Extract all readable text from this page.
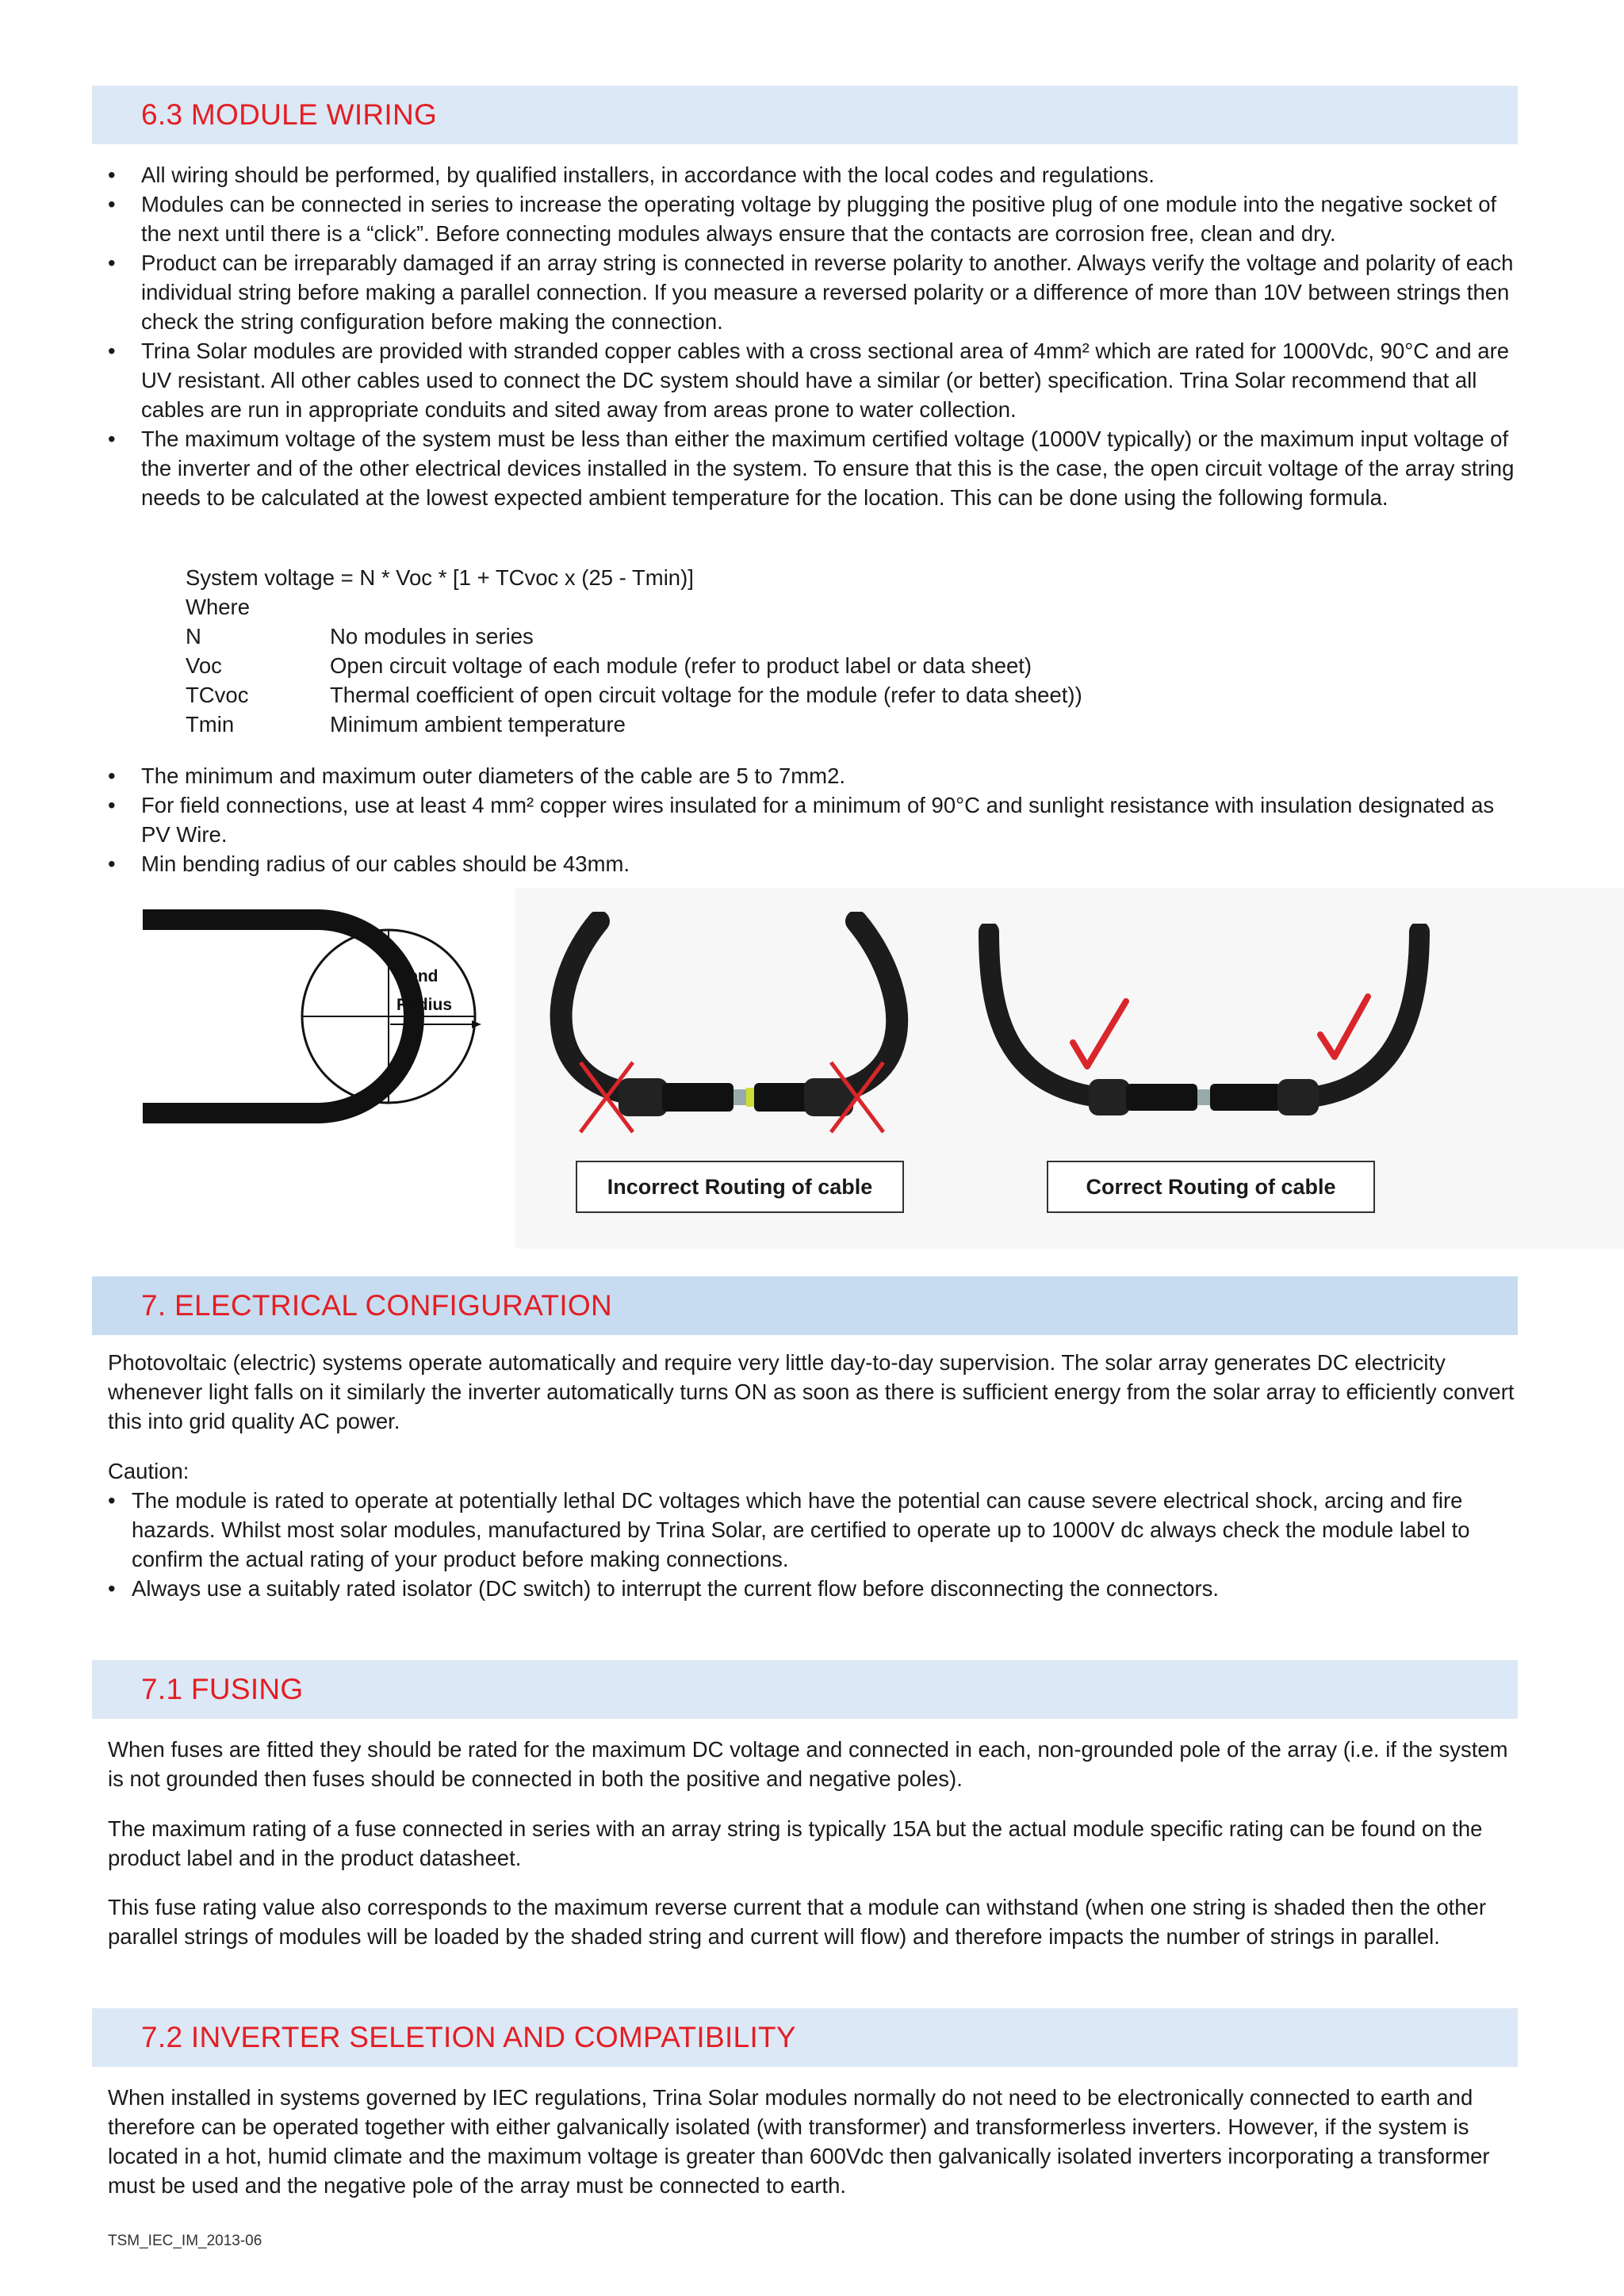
6.3 MODULE WIRING
• All wiring should be performed, by qualified installers, in accordance with the local codes and regulations.
• Modules can be connected in series to increase the operating voltage by plugging the positive plug of one module into the negative socket of the next until there is a “click”. Before connecting modules always ensure that the contacts are corrosion free, clean and dry.
• Product can be irreparably damaged if an array string is connected in reverse polarity to another. Always verify the voltage and polarity of each individual string before making a parallel connection. If you measure a reversed polarity or a difference of more than 10V between strings then check the string configuration before making the connection.
• Trina Solar modules are provided with stranded copper cables with a cross sectional area of 4mm² which are rated for 1000Vdc, 90°C and are UV resistant. All other cables used to connect the DC system should have a similar (or better) specification. Trina Solar recommend that all cables are run in appropriate conduits and sited away from areas prone to water collection.
• The maximum voltage of the system must be less than either the maximum certified voltage (1000V typically) or the maximum input voltage of the inverter and of the other electrical devices installed in the system. To ensure that this is the case, the open circuit voltage of the array string needs to be calculated at the lowest expected ambient temperature for the location. This can be done using the following formula.
System voltage = N * Voc * [1 + TCvoc x (25 - Tmin)]
Where
N	No modules in series
Voc	Open circuit voltage of each module (refer to product label or data sheet)
TCvoc	Thermal coefficient of open circuit voltage for the module (refer to data sheet))
Tmin	Minimum ambient temperature
• The minimum and maximum outer diameters of the cable are 5 to 7mm2.
• For field connections, use at least 4 mm² copper wires insulated for a minimum of 90°C and sunlight resistance with insulation designated as PV Wire.
• Min bending radius of our cables should be 43mm.
Bend
Radius
Incorrect Routing of cable	Correct Routing of cable
7. ELECTRICAL CONFIGURATION

Photovoltaic (electric) systems operate automatically and require very little day-to-day supervision. The solar array generates DC electricity whenever light falls on it similarly the inverter automatically turns ON as soon as there is sufficient energy from the solar array to efficiently convert this into grid quality AC power.

Caution:

• The module is rated to operate at potentially lethal DC voltages which have the potential can cause severe electrical shock, arcing and fire hazards. Whilst most solar modules, manufactured by Trina Solar, are certified to operate up to 1000V dc always check the module label to confirm the actual rating of your product before making connections.
• Always use a suitably rated isolator (DC switch) to interrupt the current flow before disconnecting the connectors.
7.1 FUSING

When fuses are fitted they should be rated for the maximum DC voltage and connected in each, non-grounded pole of the array (i.e. if the system is not grounded then fuses should be connected in both the positive and negative poles).

The maximum rating of a fuse connected in series with an array string is typically 15A but the actual module specific rating can be found on the product label and in the product datasheet.

This fuse rating value also corresponds to the maximum reverse current that a module can withstand (when one string is shaded then the other parallel strings of modules will be loaded by the shaded string and current will flow) and therefore impacts the number of strings in parallel.

7.2 INVERTER SELETION AND COMPATIBILITY

When installed in systems governed by IEC regulations, Trina Solar modules normally do not need to be electronically connected to earth and therefore can be operated together with either galvanically isolated (with transformer) and transformerless inverters. However, if the system is located in a hot, humid climate and the maximum voltage is greater than 600Vdc then galvanically isolated inverters incorporating a transformer must be used and the negative pole of the array must be connected to earth.

TSM_IEC_IM_2013-06
